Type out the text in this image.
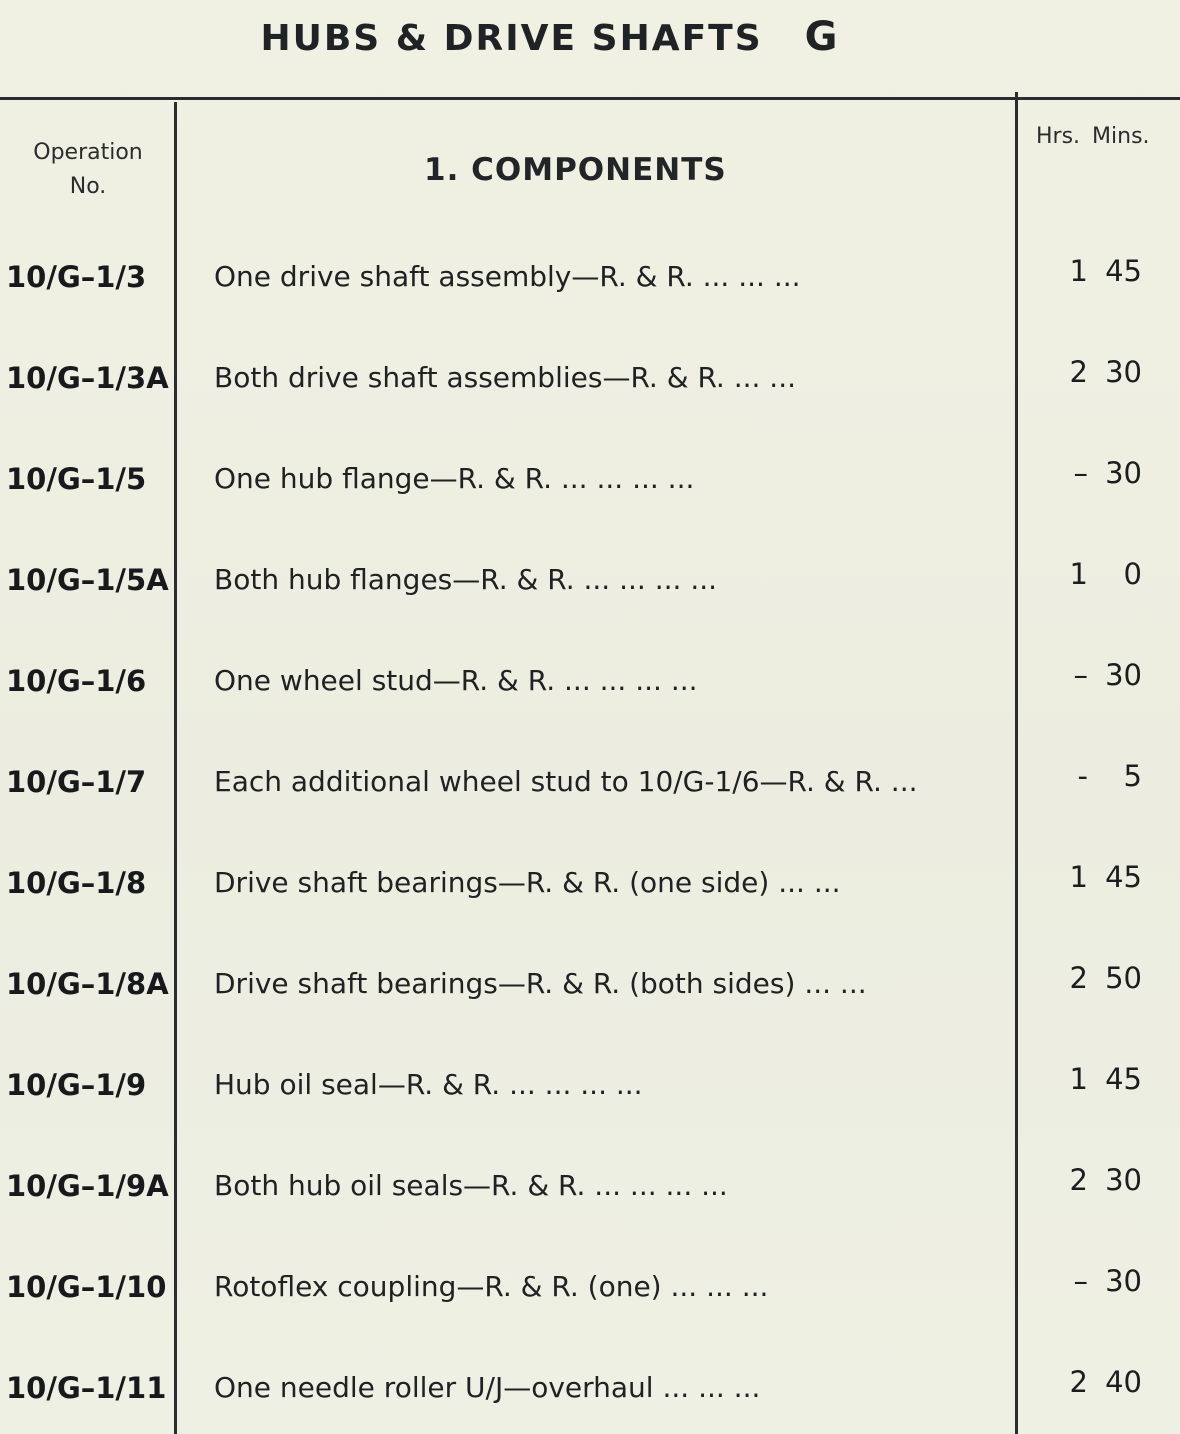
HUBS & DRIVE SHAFTS G
Operation
No.	1. COMPONENTS
Hrs. Mins.
10/G–1/3 One drive shaft assembly—R. & R. ... ... ...	1 45
10/G–1/3A Both drive shaft assemblies—R. & R. ... ...	2 30
10/G–1/5 One hub flange—R. & R. ... ... ... ...	– 30
10/G–1/5A Both hub flanges—R. & R. ... ... ... ...	1	0
10/G–1/6 One wheel stud—R. & R. ... ... ... ...	– 30
10/G–1/7 Each additional wheel stud to 10/G-1/6—R. & R. ...	-	5
10/G–1/8 Drive shaft bearings—R. & R. (one side) ... ...	1 45
10/G–1/8A Drive shaft bearings—R. & R. (both sides) ... ...	2 50
10/G–1/9 Hub oil seal—R. & R. ... ... ... ...	1 45
10/G–1/9A Both hub oil seals—R. & R. ... ... ... ...	2 30
10/G–1/10 Rotoflex coupling—R. & R. (one) ... ... ...	– 30
10/G–1/11 One needle roller U/J—overhaul ... ... ...	2 40
